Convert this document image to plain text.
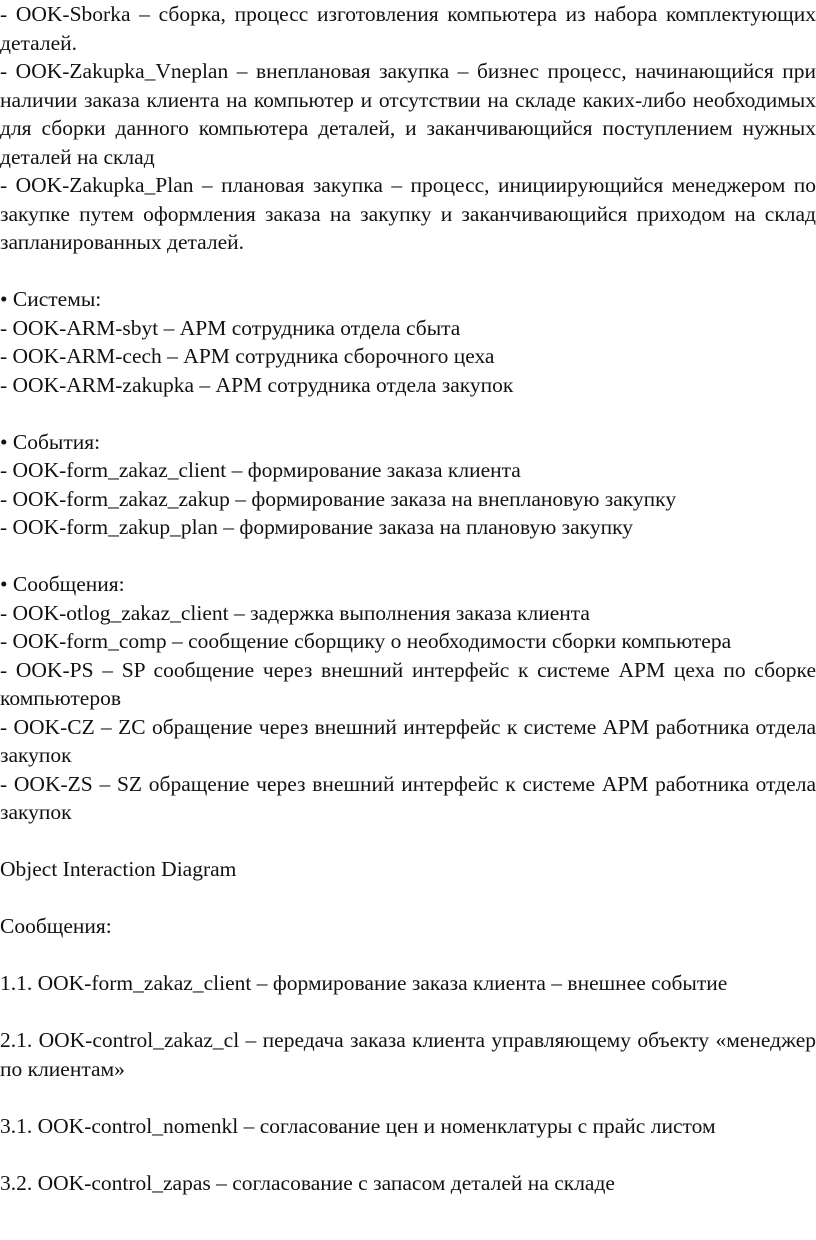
- OOK-Sborka – сборка, процесс изготовления компьютера из набора комплектующих деталей.

- OOK-Zakupka_Vneplan – внеплановая закупка – бизнес процесс, начинающийся при наличии заказа клиента на компьютер и отсутствии на складе каких-либо необходимых для сборки данного компьютера деталей, и заканчивающийся поступлением нужных деталей на склад

- OOK-Zakupka_Plan – плановая закупка – процесс, инициирующийся менеджером по закупке путем оформления заказа на закупку и заканчивающийся приходом на склад запланированных деталей.

• Системы:

- OOK-ARM-sbyt – АРМ сотрудника отдела сбыта

- OOK-ARM-cech – АРМ сотрудника сборочного цеха

- OOK-ARM-zakupka – АРМ сотрудника отдела закупок

• События:

- OOK-form_zakaz_client – формирование заказа клиента

- OOK-form_zakaz_zakup – формирование заказа на внеплановую закупку

- OOK-form_zakup_plan – формирование заказа на плановую закупку

• Сообщения:

- OOK-otlog_zakaz_client – задержка выполнения заказа клиента

- OOK-form_comp – сообщение сборщику о необходимости сборки компьютера

- OOK-PS – SP сообщение через внешний интерфейс к системе АРМ цеха по сборке компьютеров

- OOK-CZ – ZC обращение через внешний интерфейс к системе АРМ работника отдела закупок

- OOK-ZS – SZ обращение через внешний интерфейс к системе АРМ работника отдела закупок

Object Interaction Diagram

Сообщения:

1.1. OOK-form_zakaz_client – формирование заказа клиента – внешнее событие

2.1. OOK-control_zakaz_cl – передача заказа клиента управляющему объекту «менеджер по клиентам»

3.1. OOK-control_nomenkl – согласование цен и номенклатуры с прайс листом

3.2. OOK-control_zapas – согласование с запасом деталей на складе
